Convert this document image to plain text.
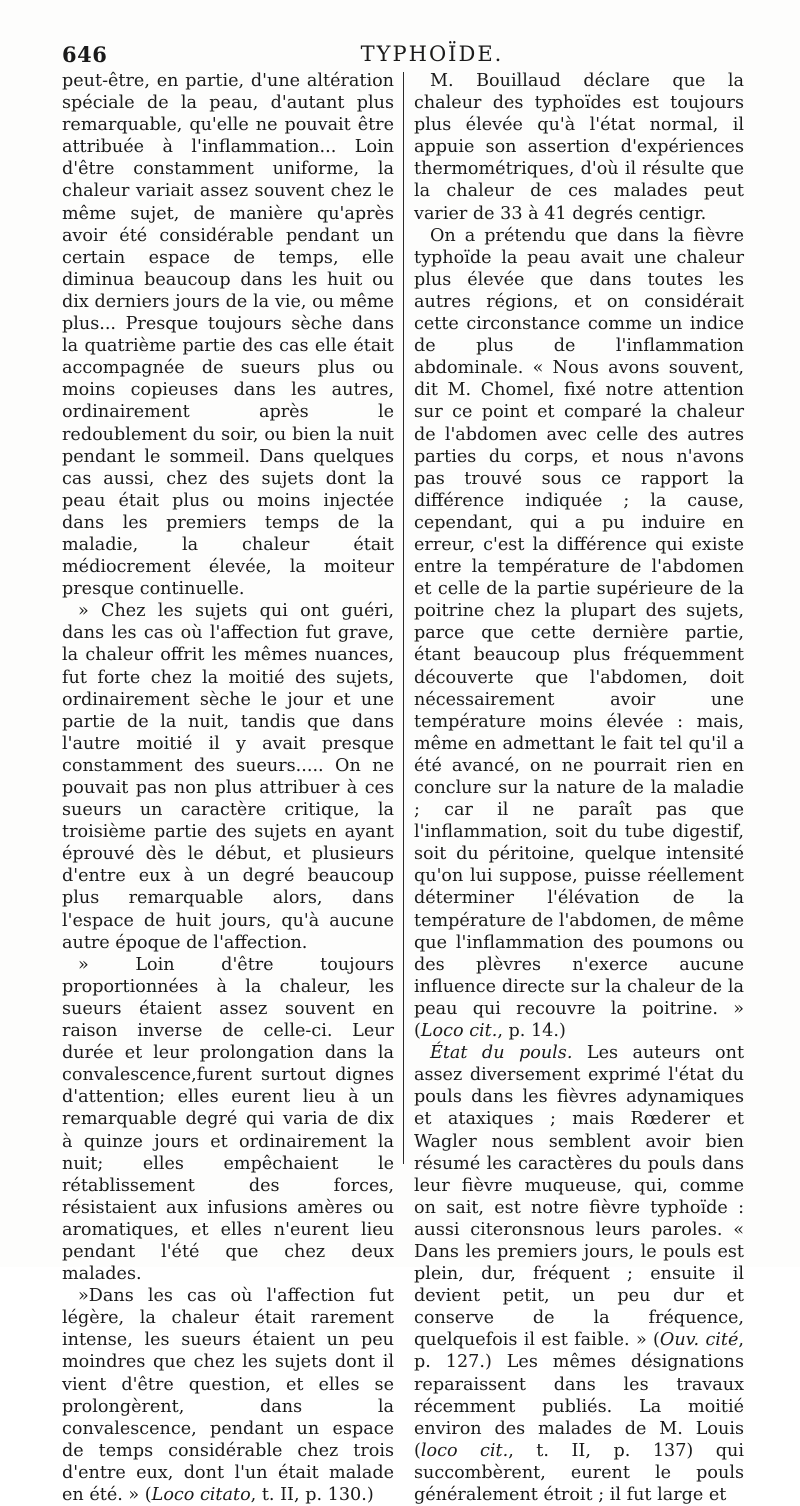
646	TYPHOÏDE.

peut-être, en partie, d'une altération spéciale de la peau, d'autant plus remarquable, qu'elle ne pouvait être attribuée à l'inflammation... Loin d'être constamment uniforme, la chaleur variait assez souvent chez le même sujet, de manière qu'après avoir été considérable pendant un certain espace de temps, elle diminua beaucoup dans les huit ou dix derniers jours de la vie, ou même plus... Presque toujours sèche dans la quatrième partie des cas elle était accompagnée de sueurs plus ou moins copieuses dans les autres, ordinairement après le redoublement du soir, ou bien la nuit pendant le sommeil. Dans quelques cas aussi, chez des sujets dont la peau était plus ou moins injectée dans les premiers temps de la maladie, la chaleur était médiocrement élevée, la moiteur presque continuelle.

» Chez les sujets qui ont guéri, dans les cas où l'affection fut grave, la chaleur offrit les mêmes nuances, fut forte chez la moitié des sujets, ordinairement sèche le jour et une partie de la nuit, tandis que dans l'autre moitié il y avait presque constamment des sueurs..... On ne pouvait pas non plus attribuer à ces sueurs un caractère critique, la troisième partie des sujets en ayant éprouvé dès le début, et plusieurs d'entre eux à un degré beaucoup plus remarquable alors, dans l'espace de huit jours, qu'à aucune autre époque de l'affection.

» Loin d'être toujours proportionnées à la chaleur, les sueurs étaient assez souvent en raison inverse de celle-ci. Leur durée et leur prolongation dans la convalescence,furent surtout dignes d'attention; elles eurent lieu à un remarquable degré qui varia de dix à quinze jours et ordinairement la nuit; elles empêchaient le rétablissement des forces, résistaient aux infusions amères ou aromatiques, et elles n'eurent lieu pendant l'été que chez deux malades.

»Dans les cas où l'affection fut légère, la chaleur était rarement intense, les sueurs étaient un peu moindres que chez les sujets dont il vient d'être question, et elles se prolongèrent, dans la convalescence, pendant un espace de temps considérable chez trois d'entre eux, dont l'un était malade en été. » (Loco citato, t. II, p. 130.)

M. Bouillaud déclare que la chaleur des typhoïdes est toujours plus élevée qu'à l'état normal, il appuie son assertion d'expériences thermométriques, d'où il résulte que la chaleur de ces malades peut varier de 33 à 41 degrés centigr.

On a prétendu que dans la fièvre typhoïde la peau avait une chaleur plus élevée que dans toutes les autres régions, et on considérait cette circonstance comme un indice de plus de l'inflammation abdominale. « Nous avons souvent, dit M. Chomel, fixé notre attention sur ce point et comparé la chaleur de l'abdomen avec celle des autres parties du corps, et nous n'avons pas trouvé sous ce rapport la différence indiquée ; la cause, cependant, qui a pu induire en erreur, c'est la différence qui existe entre la température de l'abdomen et celle de la partie supérieure de la poitrine chez la plupart des sujets, parce que cette dernière partie, étant beaucoup plus fréquemment découverte que l'abdomen, doit nécessairement avoir une température moins élevée : mais, même en admettant le fait tel qu'il a été avancé, on ne pourrait rien en conclure sur la nature de la maladie ; car il ne paraît pas que l'inflammation, soit du tube digestif, soit du péritoine, quelque intensité qu'on lui suppose, puisse réellement déterminer l'élévation de la température de l'abdomen, de même que l'inflammation des poumons ou des plèvres n'exerce aucune influence directe sur la chaleur de la peau qui recouvre la poitrine. » (Loco cit., p. 14.)

État du pouls. Les auteurs ont assez diversement exprimé l'état du pouls dans les fièvres adynamiques et ataxiques ; mais Rœderer et Wagler nous semblent avoir bien résumé les caractères du pouls dans leur fièvre muqueuse, qui, comme on sait, est notre fièvre typhoïde : aussi citeronsnous leurs paroles. « Dans les premiers jours, le pouls est plein, dur, fréquent ; ensuite il devient petit, un peu dur et conserve de la fréquence, quelquefois il est faible. » (Ouv. cité, p. 127.) Les mêmes désignations reparaissent dans les travaux récemment publiés. La moitié environ des malades de M. Louis (loco cit., t. II, p. 137) qui succombèrent, eurent le pouls généralement étroit ; il fut large et
